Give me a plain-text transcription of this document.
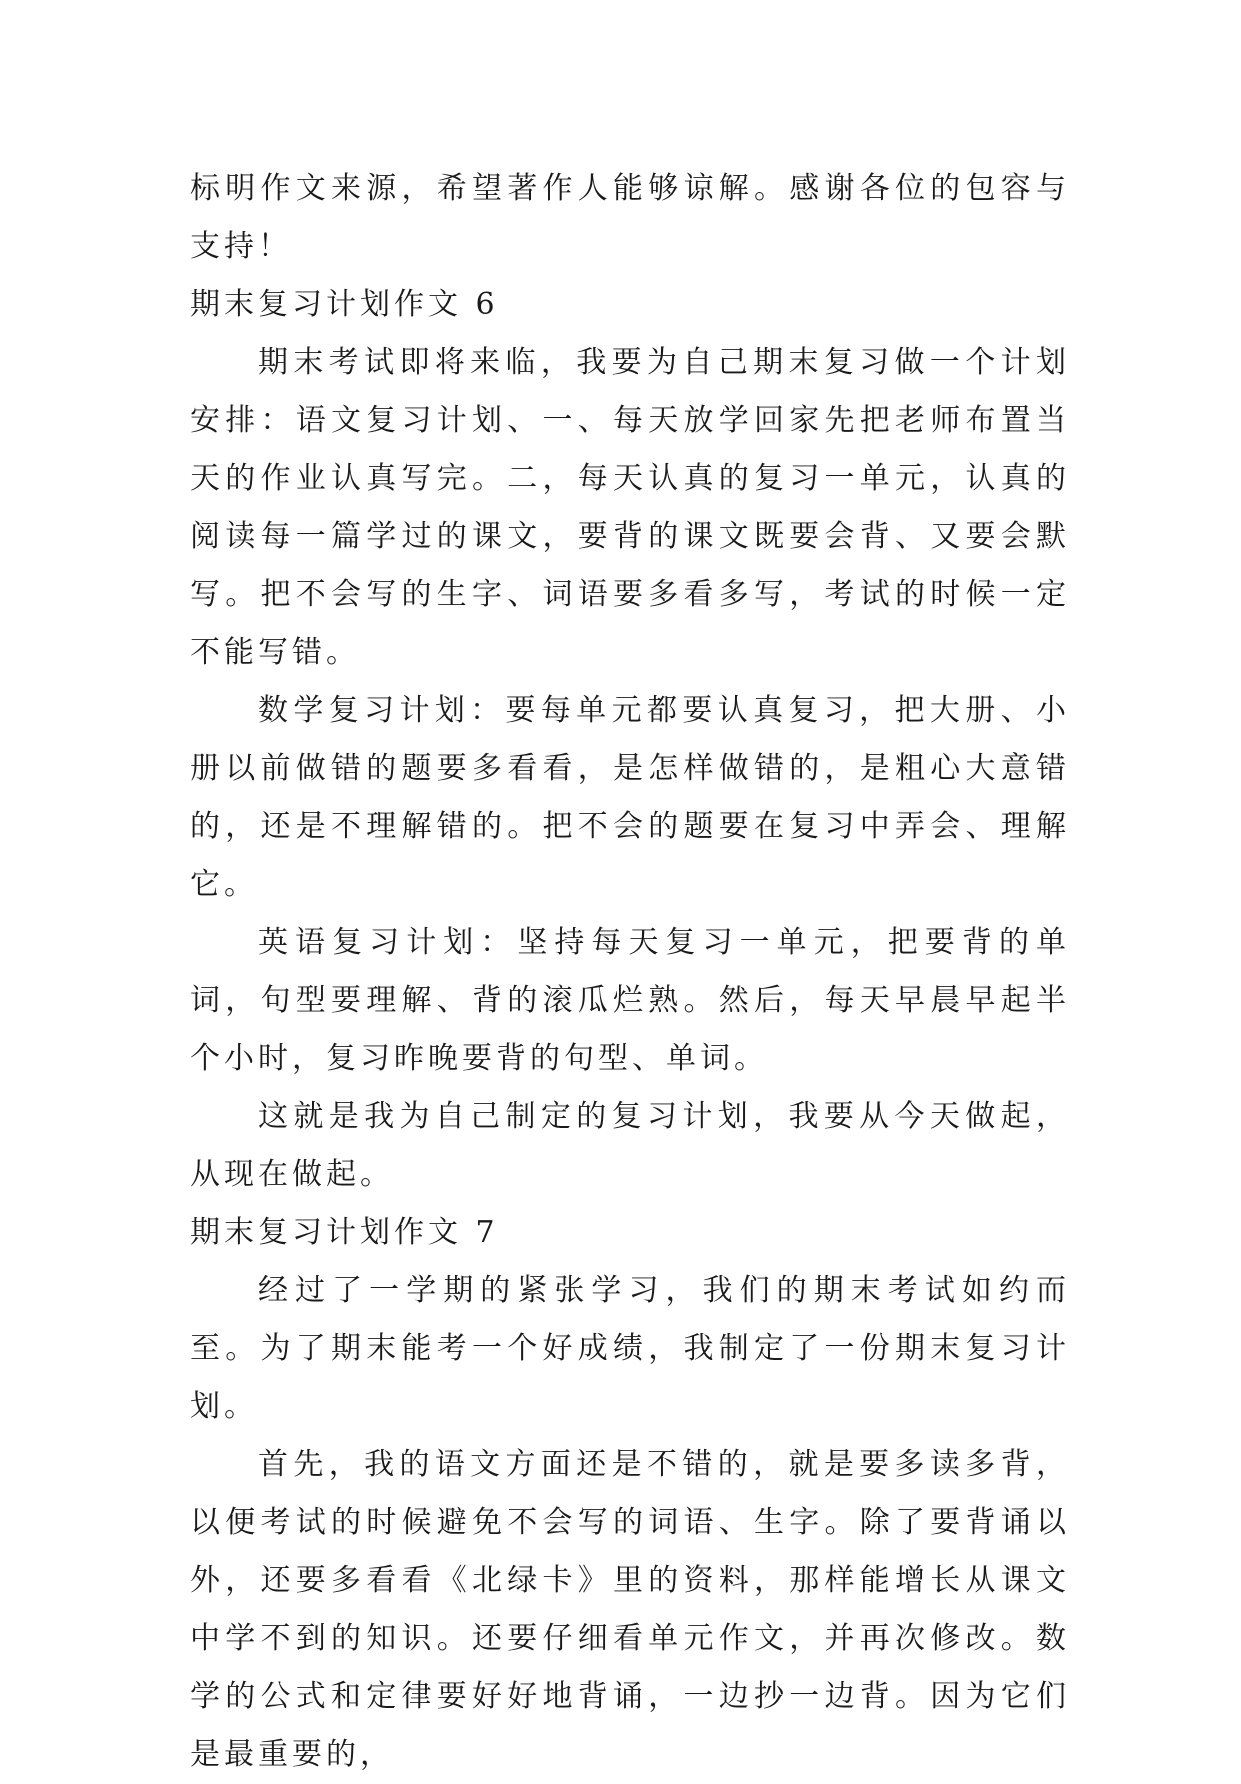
标明作文来源，希望著作人能够谅解。感谢各位的包容与支持！

期末复习计划作文 6

期末考试即将来临，我要为自己期末复习做一个计划安排：语文复习计划、一、每天放学回家先把老师布置当天的作业认真写完。二，每天认真的复习一单元，认真的阅读每一篇学过的课文，要背的课文既要会背、又要会默写。把不会写的生字、词语要多看多写，考试的时候一定不能写错。

数学复习计划：要每单元都要认真复习，把大册、小册以前做错的题要多看看，是怎样做错的，是粗心大意错的，还是不理解错的。把不会的题要在复习中弄会、理解它。

英语复习计划：坚持每天复习一单元，把要背的单词，句型要理解、背的滚瓜烂熟。然后，每天早晨早起半个小时，复习昨晚要背的句型、单词。

这就是我为自己制定的复习计划，我要从今天做起，从现在做起。

期末复习计划作文 7

经过了一学期的紧张学习，我们的期末考试如约而至。为了期末能考一个好成绩，我制定了一份期末复习计划。

首先，我的语文方面还是不错的，就是要多读多背，以便考试的时候避免不会写的词语、生字。除了要背诵以外，还要多看看《北绿卡》里的资料，那样能增长从课文中学不到的知识。还要仔细看单元作文，并再次修改。数学的公式和定律要好好地背诵，一边抄一边背。因为它们是最重要的，
